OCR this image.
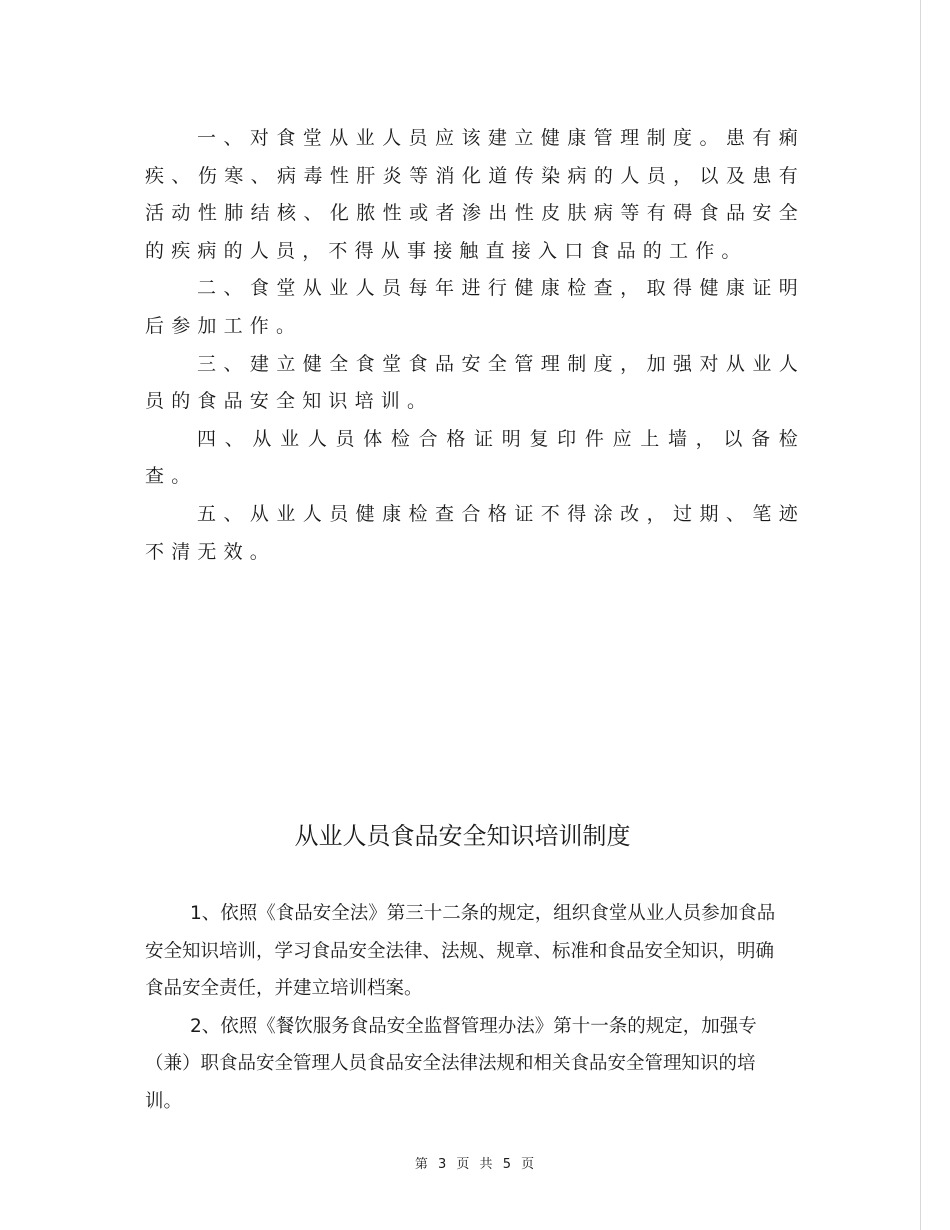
一、对食堂从业人员应该建立健康管理制度。患有痢疾、伤寒、病毒性肝炎等消化道传染病的人员，以及患有活动性肺结核、化脓性或者渗出性皮肤病等有碍食品安全的疾病的人员，不得从事接触直接入口食品的工作。

二、食堂从业人员每年进行健康检查，取得健康证明后参加工作。

三、建立健全食堂食品安全管理制度，加强对从业人员的食品安全知识培训。

四、从业人员体检合格证明复印件应上墙，以备检查。

五、从业人员健康检查合格证不得涂改，过期、笔迹不清无效。

从业人员食品安全知识培训制度

1、依照《食品安全法》第三十二条的规定，组织食堂从业人员参加食品安全知识培训，学习食品安全法律、法规、规章、标准和食品安全知识，明确食品安全责任，并建立培训档案。

2、依照《餐饮服务食品安全监督管理办法》第十一条的规定，加强专（兼）职食品安全管理人员食品安全法律法规和相关食品安全管理知识的培训。

第 3 页 共 5 页
